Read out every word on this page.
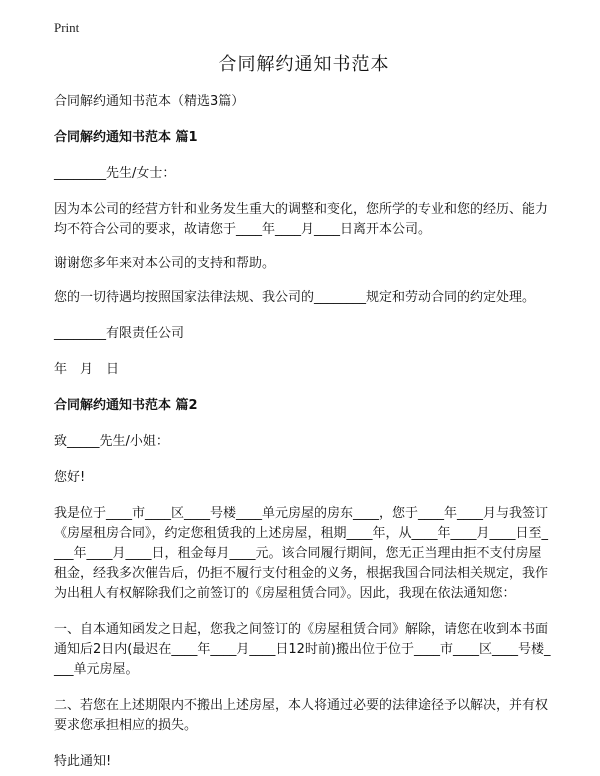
Print
合同解约通知书范本

合同解约通知书范本（精选3篇）

合同解约通知书范本 篇1

________先生/女士：

因为本公司的经营方针和业务发生重大的调整和变化，您所学的专业和您的经历、能力均不符合公司的要求，故请您于____年____月____日离开本公司。

谢谢您多年来对本公司的支持和帮助。

您的一切待遇均按照国家法律法规、我公司的________规定和劳动合同的约定处理。

________有限责任公司

年　月　日

合同解约通知书范本 篇2

致_____先生/小姐：

您好!

我是位于____市____区____号楼____单元房屋的房东____，您于____年____月与我签订《房屋租房合同》，约定您租赁我的上述房屋，租期____年，从____年____月____日至____年____月____日，租金每月____元。该合同履行期间，您无正当理由拒不支付房屋租金，经我多次催告后，仍拒不履行支付租金的义务，根据我国合同法相关规定，我作为出租人有权解除我们之前签订的《房屋租赁合同》。因此，我现在依法通知您：

一、自本通知函发之日起，您我之间签订的《房屋租赁合同》解除，请您在收到本书面通知后2日内(最迟在____年____月____日12时前)搬出位于位于____市____区____号楼____单元房屋。

二、若您在上述期限内不搬出上述房屋，本人将通过必要的法律途径予以解决，并有权要求您承担相应的损失。

特此通知!
